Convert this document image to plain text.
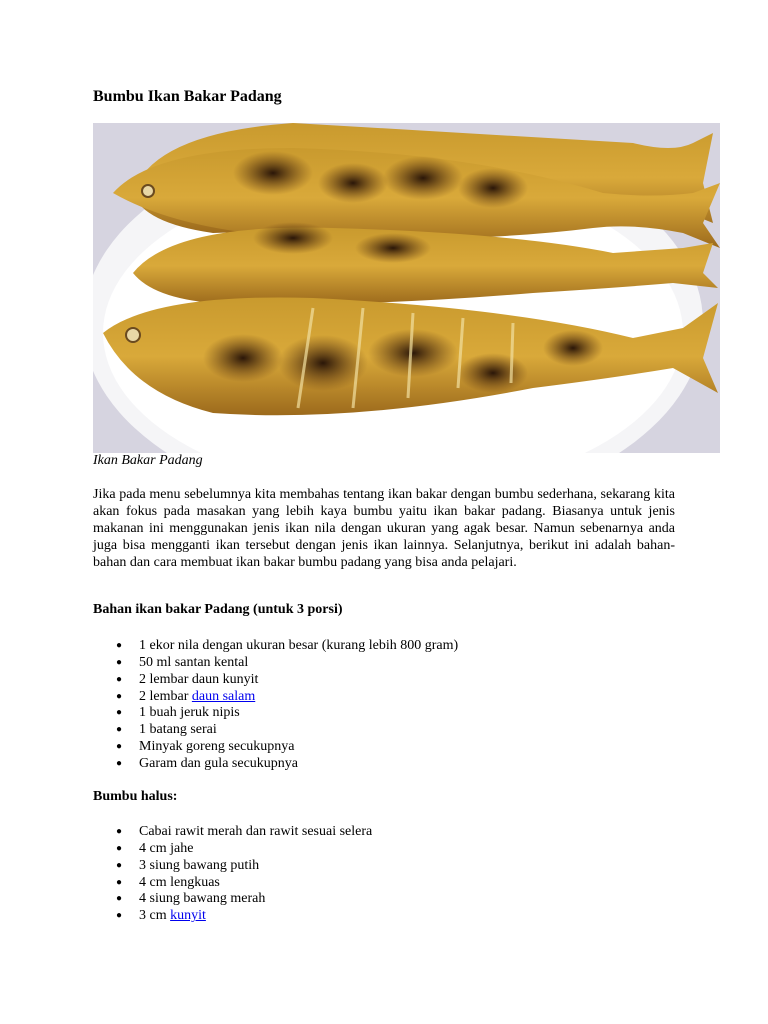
Bumbu Ikan Bakar Padang
Ikan Bakar Padang

Jika pada menu sebelumnya kita membahas tentang ikan bakar dengan bumbu sederhana, sekarang kita akan fokus pada masakan yang lebih kaya bumbu yaitu ikan bakar padang. Biasanya untuk jenis makanan ini menggunakan jenis ikan nila dengan ukuran yang agak besar. Namun sebenarnya anda juga bisa mengganti ikan tersebut dengan jenis ikan lainnya. Selanjutnya, berikut ini adalah bahan-bahan dan cara membuat ikan bakar bumbu padang yang bisa anda pelajari.

Bahan ikan bakar Padang (untuk 3 porsi)
● 1 ekor nila dengan ukuran besar (kurang lebih 800 gram)
● 50 ml santan kental
● 2 lembar daun kunyit
● 2 lembar daun salam
● 1 buah jeruk nipis
● 1 batang serai
● Minyak goreng secukupnya
● Garam dan gula secukupnya
Bumbu halus:
● Cabai rawit merah dan rawit sesuai selera
● 4 cm jahe
● 3 siung bawang putih
● 4 cm lengkuas
● 4 siung bawang merah
● 3 cm kunyit
